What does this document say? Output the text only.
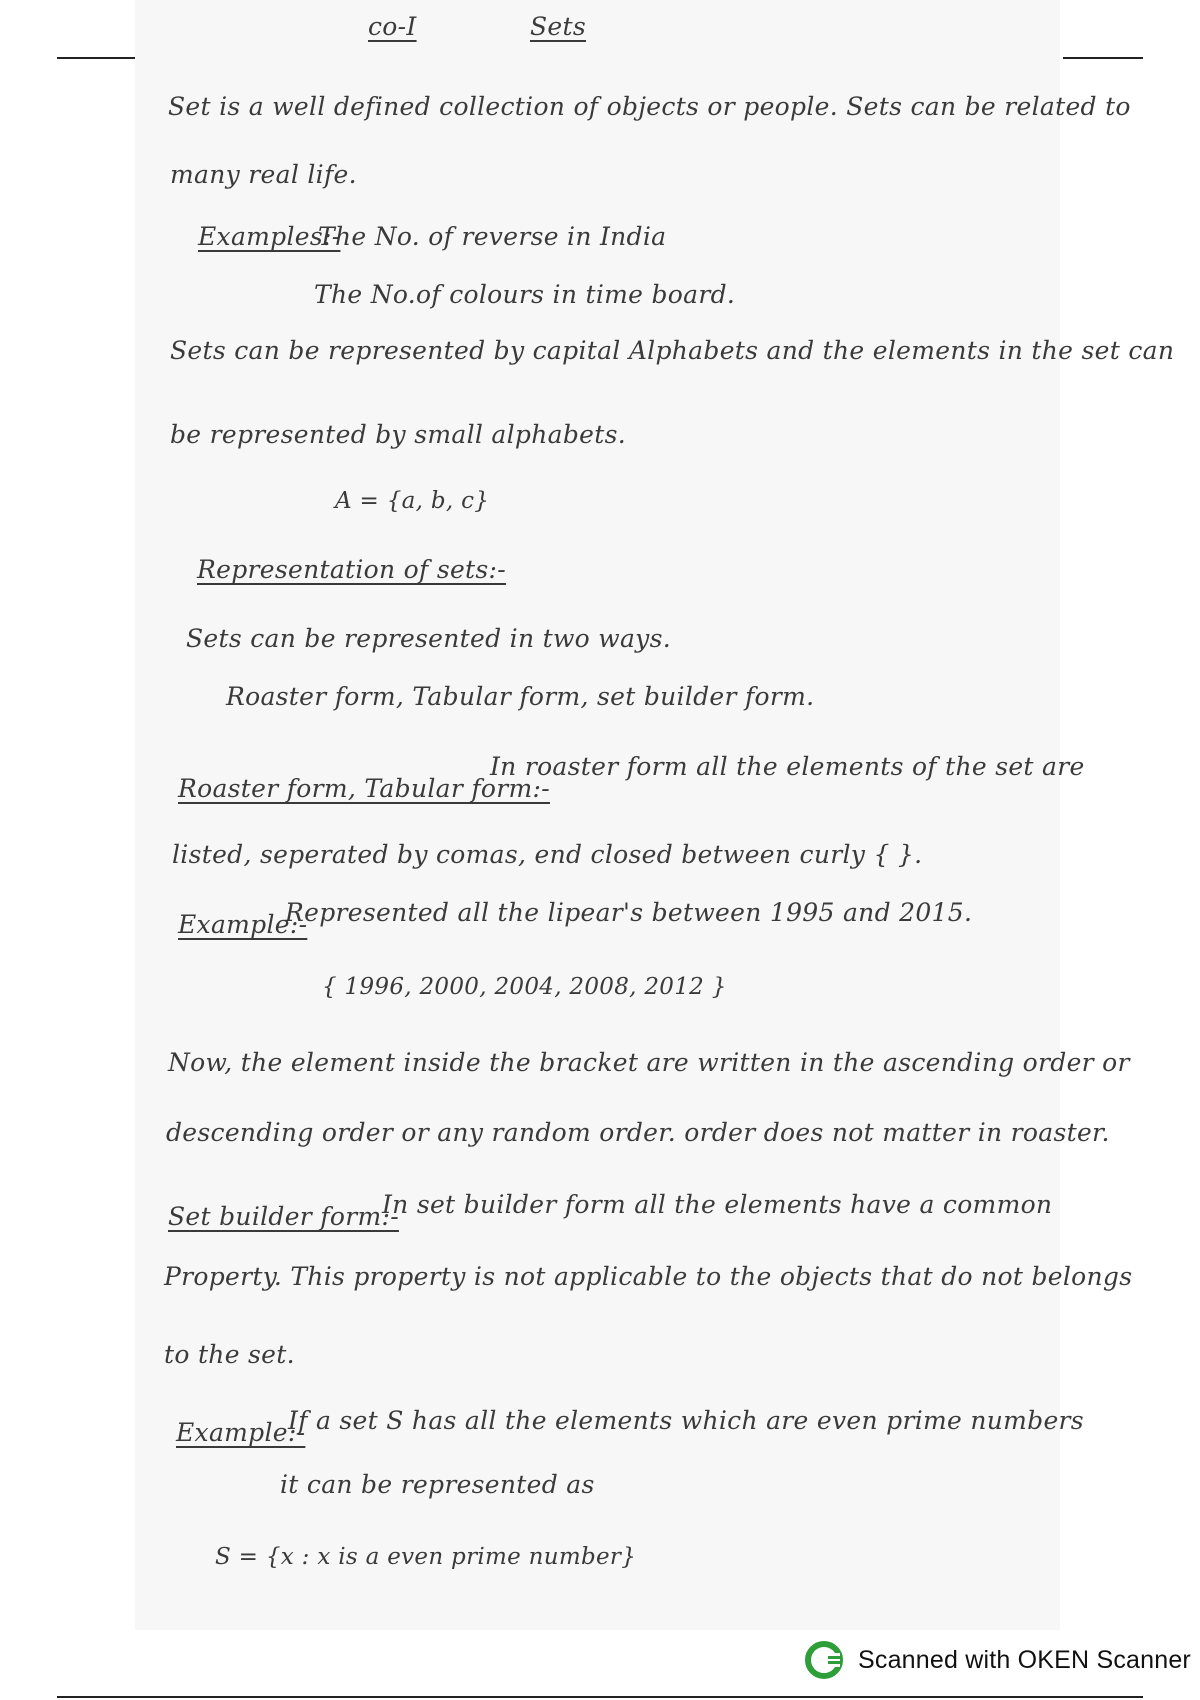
co-I	Sets
Set is a well defined collection of objects or people. Sets can be related to
many real life.
Examples:-
The No. of reverse in India
The No.of colours in time board.
Sets can be represented by capital Alphabets and the elements in the set can
be represented by small alphabets.
A = {a, b, c}
Representation of sets:-
Sets can be represented in two ways.
Roaster form, Tabular form, set builder form.
Roaster form, Tabular form:-
In roaster form all the elements of the set are
listed, seperated by comas, end closed between curly { }.
Example:-
Represented all the lipear's between 1995 and 2015.
{ 1996, 2000, 2004, 2008, 2012 }
Now, the element inside the bracket are written in the ascending order or
descending order or any random order. order does not matter in roaster.
Set builder form:-
In set builder form all the elements have a common
Property. This property is not applicable to the objects that do not belongs
to the set.
Example:-
If a set S has all the elements which are even prime numbers
it can be represented as
S = {x : x is a even prime number}
Scanned with OKEN Scanner
